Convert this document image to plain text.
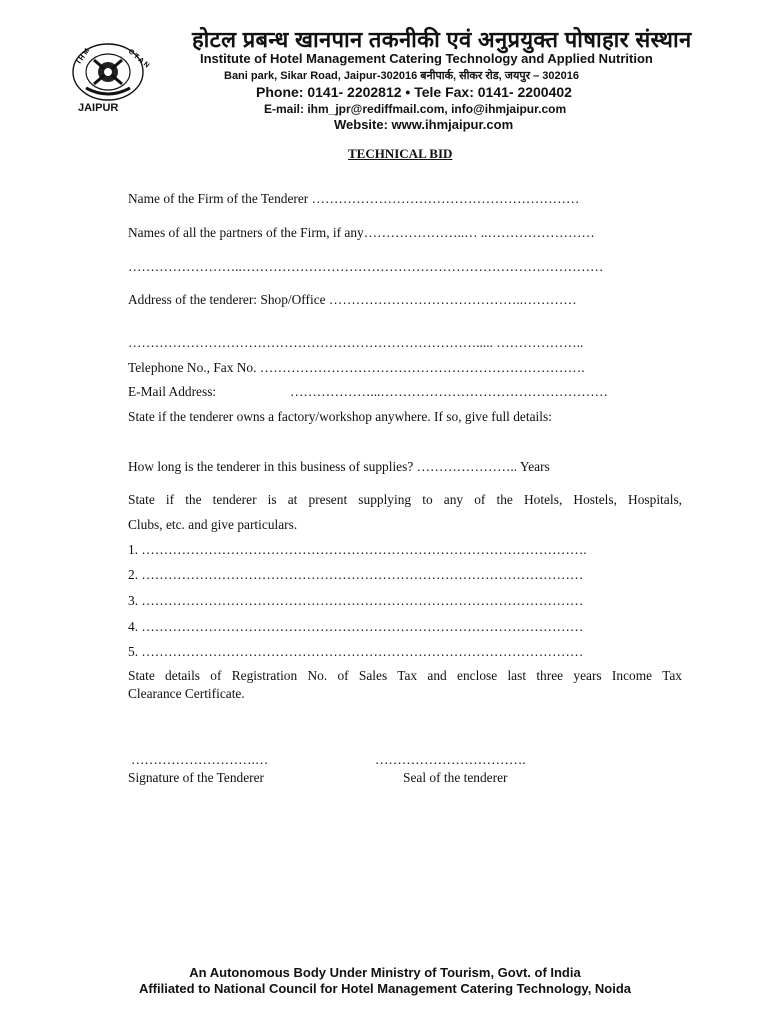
I H M	C T A N
JAIPUR
होटल प्रबन्ध खानपान तकनीकी एवं अनुप्रयुक्त पोषाहार संस्थान
Institute of Hotel Management Catering Technology and Applied Nutrition
Bani park, Sikar Road, Jaipur-302016 बनीपार्क, सीकर रोड, जयपुर – 302016
Phone: 0141- 2202812 • Tele Fax: 0141- 2200402
E-mail: ihm_jpr@rediffmail.com, info@ihmjaipur.com
Website: www.ihmjaipur.com
TECHNICAL BID
Name of the Firm of the Tenderer ……………………………………………………
Names of all the partners of the Firm, if any…………………..… ..……………………
……………………..………………………………………………………………………
Address of the tenderer: Shop/Office ……………………………………..…………
……………………………………………………………………..... ………………..
Telephone No., Fax No. ……………………………………………………………….
E-Mail Address:	………………...……………………………………………
State if the tenderer owns a factory/workshop anywhere. If so, give full details:
How long is the tenderer in this business of supplies? ………………….. Years
State if the tenderer is at present supplying to any of the Hotels, Hostels, Hospitals,
Clubs, etc. and give particulars.
1. ……………………………………………………………………………………….
2. ………………………………………………………………………………………
3. ………………………………………………………………………………………
4. ………………………………………………………………………………………
5. ………………………………………………………………………………………
State details of Registration No. of Sales Tax and enclose last three years Income Tax
Clearance Certificate.
……………………….…	…………………………….
Signature of the Tenderer	Seal of the tenderer
An Autonomous Body Under Ministry of Tourism, Govt. of India
Affiliated to National Council for Hotel Management Catering Technology, Noida
